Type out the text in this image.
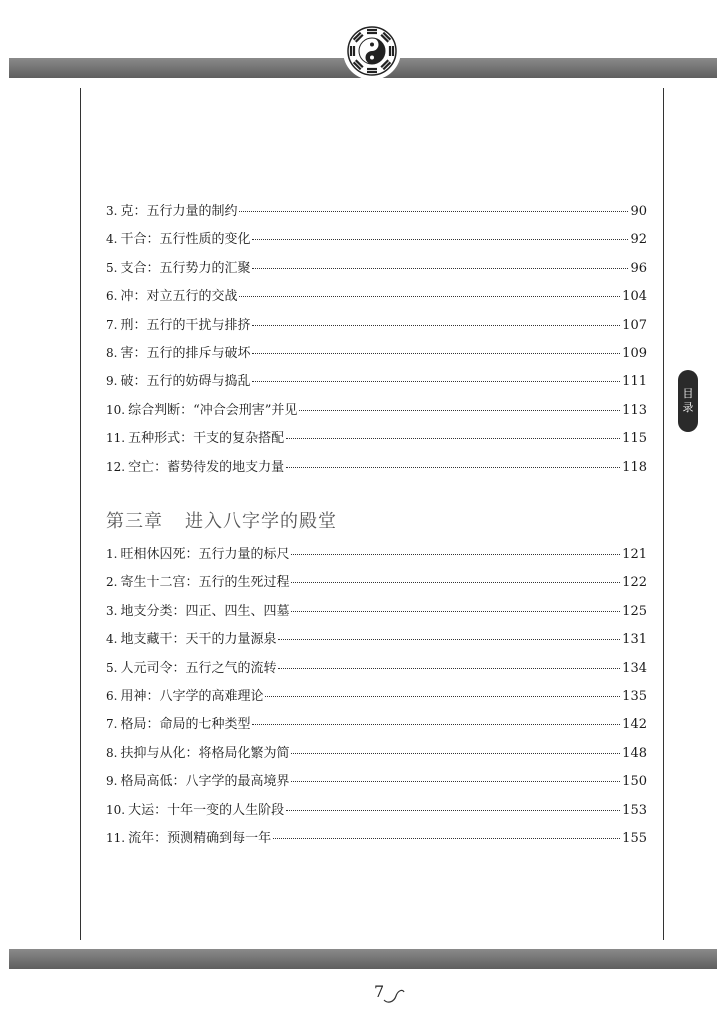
目
录
3. 克：五行力量的制约	90
4. 干合：五行性质的变化	92
5. 支合：五行势力的汇聚	96
6. 冲：对立五行的交战	104
7. 刑：五行的干扰与排挤	107
8. 害：五行的排斥与破坏	109
9. 破：五行的妨碍与捣乱	111
10. 综合判断：“冲合会刑害”并见	113
11. 五种形式：干支的复杂搭配	115
12. 空亡：蓄势待发的地支力量	118
第三章 进入八字学的殿堂
1. 旺相休囚死：五行力量的标尺	121
2. 寄生十二宫：五行的生死过程	122
3. 地支分类：四正、四生、四墓	125
4. 地支藏干：天干的力量源泉	131
5. 人元司令：五行之气的流转	134
6. 用神：八字学的高难理论	135
7. 格局：命局的七种类型	142
8. 扶抑与从化：将格局化繁为简	148
9. 格局高低：八字学的最高境界	150
10. 大运：十年一变的人生阶段	153
11. 流年：预测精确到每一年	155
7
